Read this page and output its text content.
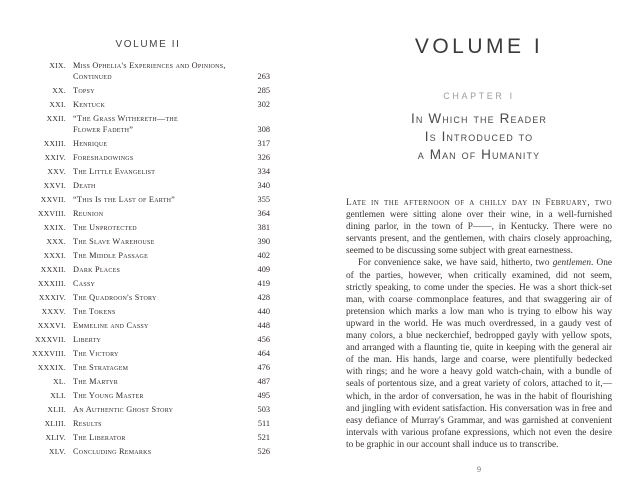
VOLUME II
XIX. Miss Ophelia's Experiences and Opinions,
Continued	263
XX. Topsy	285
XXI. Kentuck	302
XXII. “The Grass Withereth—the
Flower Fadeth”	308
XXIII. Henrique	317
XXIV. Foreshadowings	326
XXV. The Little Evangelist	334
XXVI. Death	340
XXVII. “This Is the Last of Earth”	355
XXVIII. Reunion	364
XXIX. The Unprotected	381
XXX. The Slave Warehouse	390
XXXI. The Middle Passage	402
XXXII. Dark Places	409
XXXIII. Cassy	419
XXXIV. The Quadroon's Story	428
XXXV. The Tokens	440
XXXVI. Emmeline and Cassy	448
XXXVII. Liberty	456
XXXVIII. The Victory	464
XXXIX. The Stratagem	476
XL. The Martyr	487
XLI. The Young Master	495
XLII. An Authentic Ghost Story	503
XLIII. Results	511
XLIV. The Liberator	521
XLV. Concluding Remarks	526
VOLUME I
CHAPTER I
In Which the Reader
Is Introduced to
a Man of Humanity

Late in the afternoon of a chilly day in February, two gentlemen were sitting alone over their wine, in a well-furnished dining parlor, in the town of P——, in Kentucky. There were no servants present, and the gentlemen, with chairs closely approaching, seemed to be discussing some subject with great earnestness.

For convenience sake, we have said, hitherto, two gentlemen. One of the parties, however, when critically examined, did not seem, strictly speaking, to come under the species. He was a short thick-set man, with coarse commonplace features, and that swaggering air of pretension which marks a low man who is trying to elbow his way upward in the world. He was much overdressed, in a gaudy vest of many colors, a blue neckerchief, bedropped gayly with yellow spots, and arranged with a flaunting tie, quite in keeping with the general air of the man. His hands, large and coarse, were plentifully bedecked with rings; and he wore a heavy gold watch-chain, with a bundle of seals of portentous size, and a great variety of colors, attached to it,—which, in the ardor of conversation, he was in the habit of flourishing and jingling with evident satisfaction. His conversation was in free and easy defiance of Murray's Grammar, and was garnished at convenient intervals with various profane expressions, which not even the desire to be graphic in our account shall induce us to transcribe.

9
